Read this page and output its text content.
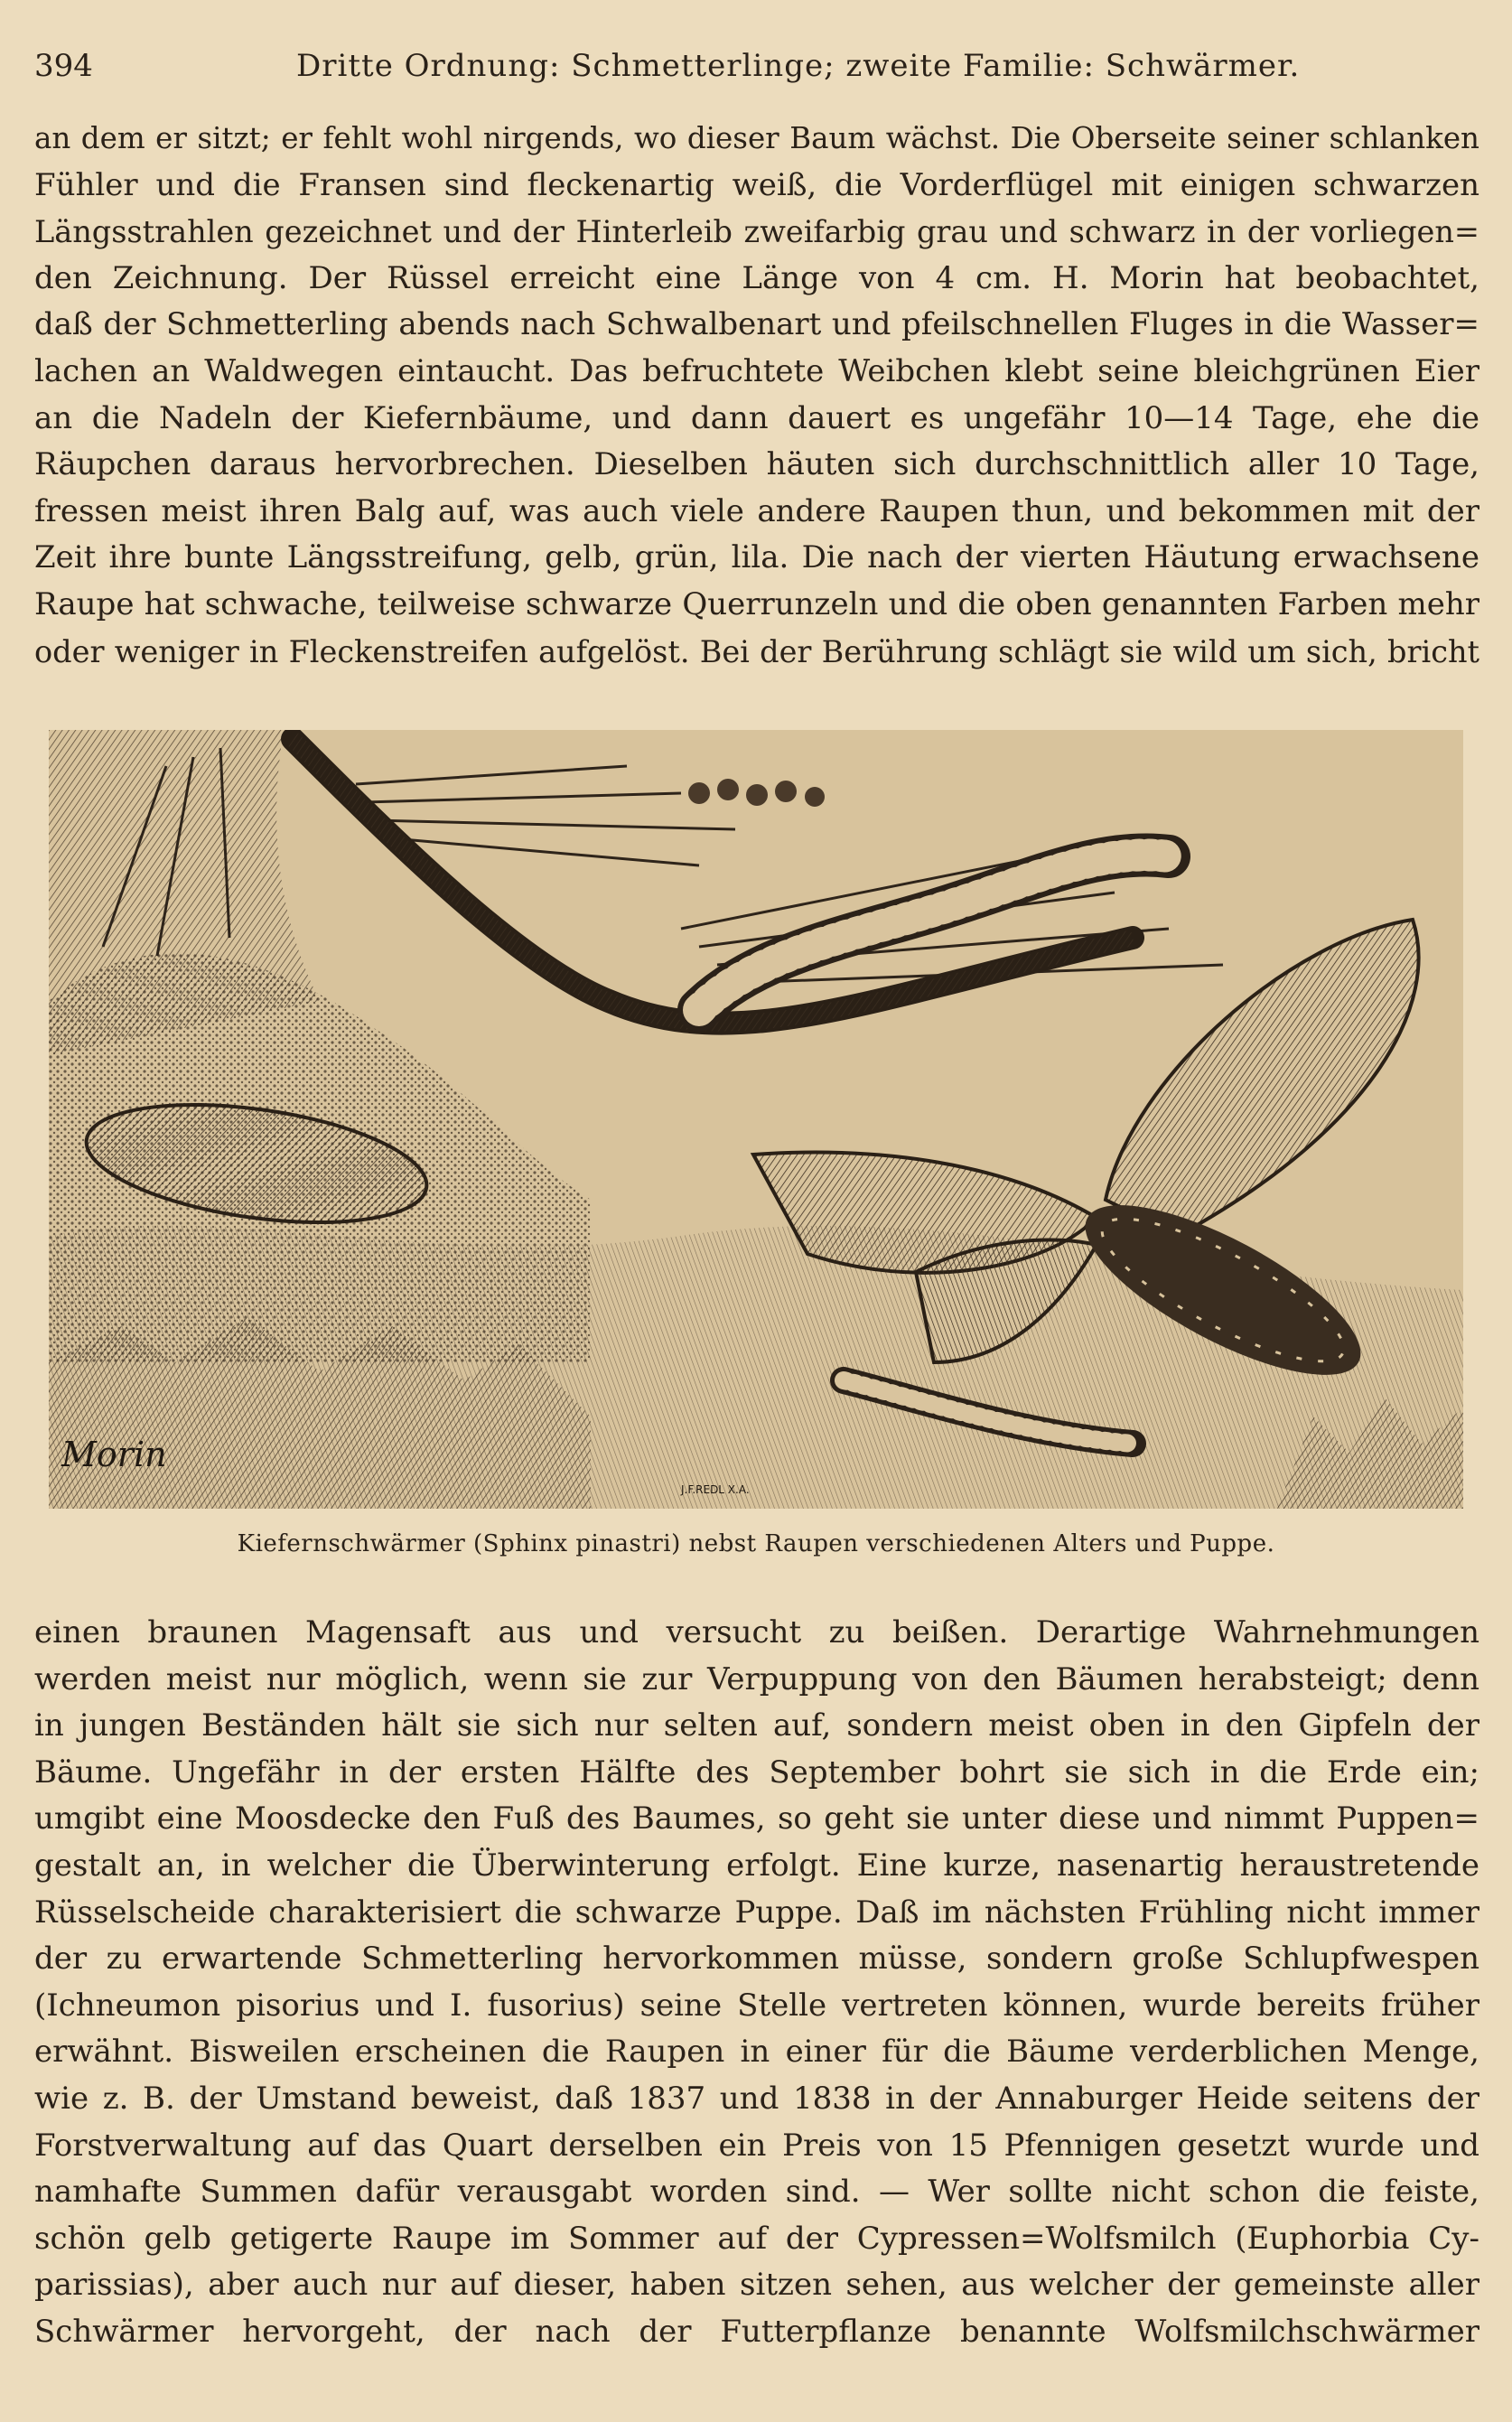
394	Dritte Ordnung: Schmetterlinge; zweite Familie: Schwärmer.
an dem er sitzt; er fehlt wohl nirgends, wo dieser Baum wächst. Die Oberseite seiner schlanken
Fühler und die Fransen sind fleckenartig weiß, die Vorderflügel mit einigen schwarzen
Längsstrahlen gezeichnet und der Hinterleib zweifarbig grau und schwarz in der vorliegen=
den Zeichnung. Der Rüssel erreicht eine Länge von 4 cm. H. Morin hat beobachtet,
daß der Schmetterling abends nach Schwalbenart und pfeilschnellen Fluges in die Wasser=
lachen an Waldwegen eintaucht. Das befruchtete Weibchen klebt seine bleichgrünen Eier
an die Nadeln der Kiefernbäume, und dann dauert es ungefähr 10—14 Tage, ehe die
Räupchen daraus hervorbrechen. Dieselben häuten sich durchschnittlich aller 10 Tage,
fressen meist ihren Balg auf, was auch viele andere Raupen thun, und bekommen mit der
Zeit ihre bunte Längsstreifung, gelb, grün, lila. Die nach der vierten Häutung erwachsene
Raupe hat schwache, teilweise schwarze Querrunzeln und die oben genannten Farben mehr
oder weniger in Fleckenstreifen aufgelöst. Bei der Berührung schlägt sie wild um sich, bricht
Morin
J.F.REDL X.A.
Kiefernschwärmer (Sphinx pinastri) nebst Raupen verschiedenen Alters und Puppe.
einen braunen Magensaft aus und versucht zu beißen. Derartige Wahrnehmungen
werden meist nur möglich, wenn sie zur Verpuppung von den Bäumen herabsteigt; denn
in jungen Beständen hält sie sich nur selten auf, sondern meist oben in den Gipfeln der
Bäume. Ungefähr in der ersten Hälfte des September bohrt sie sich in die Erde ein;
umgibt eine Moosdecke den Fuß des Baumes, so geht sie unter diese und nimmt Puppen=
gestalt an, in welcher die Überwinterung erfolgt. Eine kurze, nasenartig heraustretende
Rüsselscheide charakterisiert die schwarze Puppe. Daß im nächsten Frühling nicht immer
der zu erwartende Schmetterling hervorkommen müsse, sondern große Schlupfwespen
(Ichneumon pisorius und I. fusorius) seine Stelle vertreten können, wurde bereits früher
erwähnt. Bisweilen erscheinen die Raupen in einer für die Bäume verderblichen Menge,
wie z. B. der Umstand beweist, daß 1837 und 1838 in der Annaburger Heide seitens der
Forstverwaltung auf das Quart derselben ein Preis von 15 Pfennigen gesetzt wurde und
namhafte Summen dafür verausgabt worden sind. — Wer sollte nicht schon die feiste,
schön gelb getigerte Raupe im Sommer auf der Cypressen=Wolfsmilch (Euphorbia Cy-
parissias), aber auch nur auf dieser, haben sitzen sehen, aus welcher der gemeinste aller
Schwärmer hervorgeht, der nach der Futterpflanze benannte Wolfsmilchschwärmer
